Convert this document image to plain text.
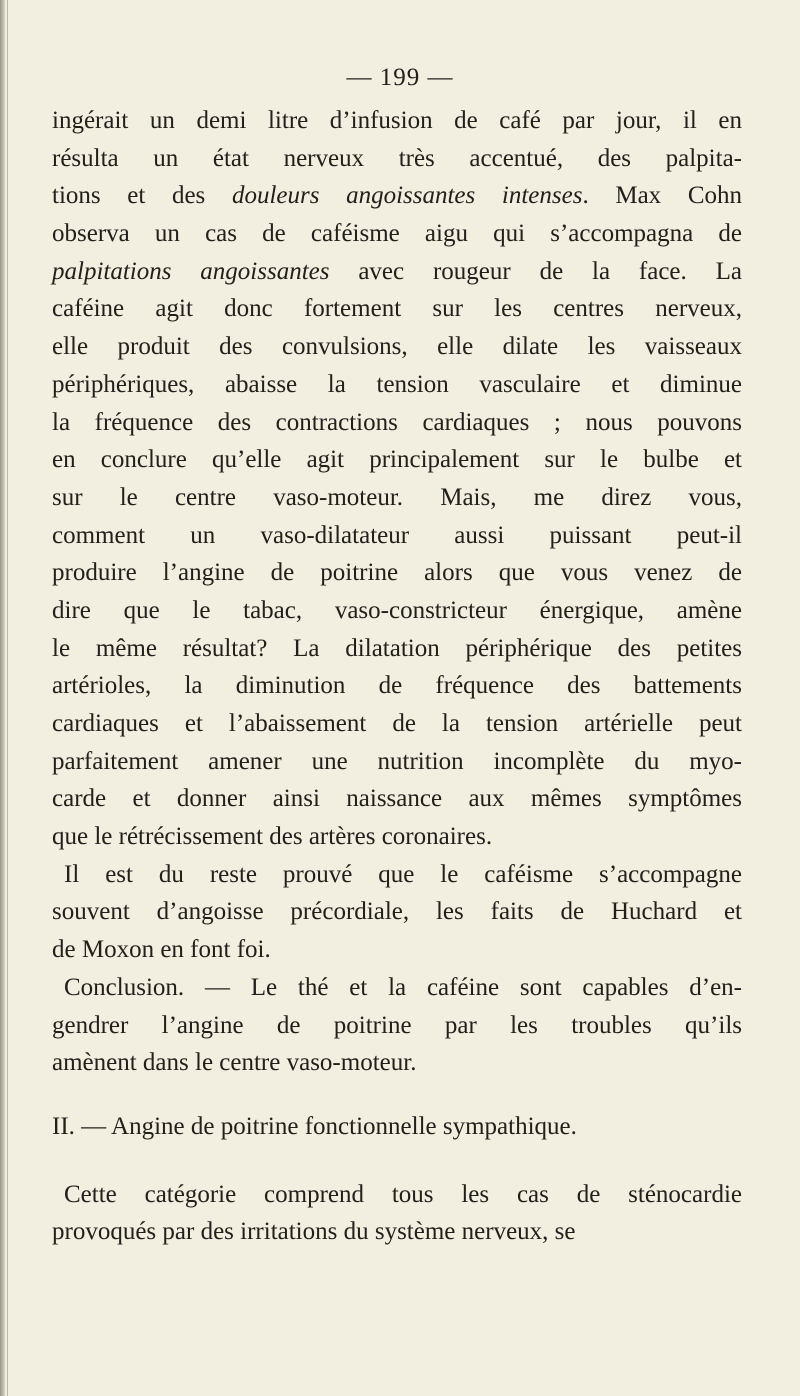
— 199 —
ingérait un demi litre d’infusion de café par jour, il en
résulta un état nerveux très accentué, des palpita-
tions et des douleurs angoissantes intenses. Max Cohn
observa un cas de caféisme aigu qui s’accompagna de
palpitations angoissantes avec rougeur de la face. La
caféine agit donc fortement sur les centres nerveux,
elle produit des convulsions, elle dilate les vaisseaux
périphériques, abaisse la tension vasculaire et diminue
la fréquence des contractions cardiaques ; nous pouvons
en conclure qu’elle agit principalement sur le bulbe et
sur le centre vaso-moteur. Mais, me direz vous,
comment un vaso-dilatateur aussi puissant peut-il
produire l’angine de poitrine alors que vous venez de
dire que le tabac, vaso-constricteur énergique, amène
le même résultat? La dilatation périphérique des petites
artérioles, la diminution de fréquence des battements
cardiaques et l’abaissement de la tension artérielle peut
parfaitement amener une nutrition incomplète du myo-
carde et donner ainsi naissance aux mêmes symptômes
que le rétrécissement des artères coronaires.
Il est du reste prouvé que le caféisme s’accompagne
souvent d’angoisse précordiale, les faits de Huchard et
de Moxon en font foi.
Conclusion. — Le thé et la caféine sont capables d’en-
gendrer l’angine de poitrine par les troubles qu’ils
amènent dans le centre vaso-moteur.
II. — Angine de poitrine fonctionnelle sympathique.
Cette catégorie comprend tous les cas de sténocardie
provoqués par des irritations du système nerveux, se
